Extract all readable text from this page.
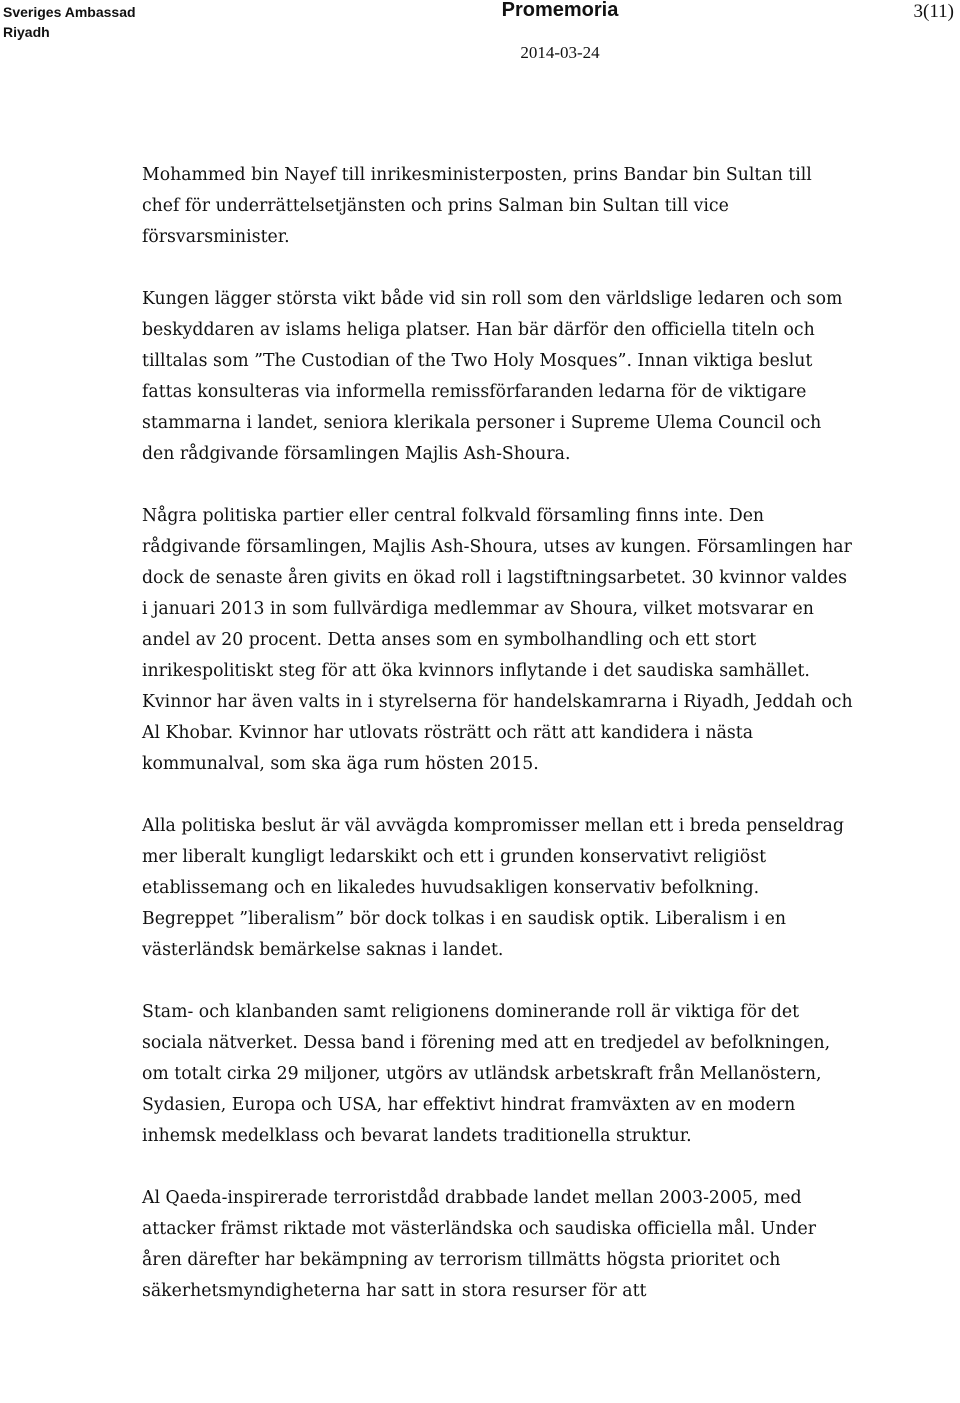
Sveriges Ambassad
Riyadh
Promemoria
2014-03-24
3(11)

Mohammed bin Nayef till inrikesministerposten, prins Bandar bin Sultan till chef för underrättelsetjänsten och prins Salman bin Sultan till vice försvarsminister.

Kungen lägger största vikt både vid sin roll som den världslige ledaren och som beskyddaren av islams heliga platser. Han bär därför den officiella titeln och tilltalas som ”The Custodian of the Two Holy Mosques”. Innan viktiga beslut fattas konsulteras via informella remissförfaranden ledarna för de viktigare stammarna i landet, seniora klerikala personer i Supreme Ulema Council och den rådgivande församlingen Majlis Ash-Shoura.

Några politiska partier eller central folkvald församling finns inte. Den rådgivande församlingen, Majlis Ash-Shoura, utses av kungen. Församlingen har dock de senaste åren givits en ökad roll i lagstiftningsarbetet. 30 kvinnor valdes i januari 2013 in som fullvärdiga medlemmar av Shoura, vilket motsvarar en andel av 20 procent. Detta anses som en symbolhandling och ett stort inrikespolitiskt steg för att öka kvinnors inflytande i det saudiska samhället. Kvinnor har även valts in i styrelserna för handelskamrarna i Riyadh, Jeddah och Al Khobar. Kvinnor har utlovats rösträtt och rätt att kandidera i nästa kommunalval, som ska äga rum hösten 2015.

Alla politiska beslut är väl avvägda kompromisser mellan ett i breda penseldrag mer liberalt kungligt ledarskikt och ett i grunden konservativt religiöst etablissemang och en likaledes huvudsakligen konservativ befolkning. Begreppet ”liberalism” bör dock tolkas i en saudisk optik. Liberalism i en västerländsk bemärkelse saknas i landet.

Stam- och klanbanden samt religionens dominerande roll är viktiga för det sociala nätverket. Dessa band i förening med att en tredjedel av befolkningen, om totalt cirka 29 miljoner, utgörs av utländsk arbetskraft från Mellanöstern, Sydasien, Europa och USA, har effektivt hindrat framväxten av en modern inhemsk medelklass och bevarat landets traditionella struktur.

Al Qaeda-inspirerade terroristdåd drabbade landet mellan 2003-2005, med attacker främst riktade mot västerländska och saudiska officiella mål. Under åren därefter har bekämpning av terrorism tillmätts högsta prioritet och säkerhetsmyndigheterna har satt in stora resurser för att
